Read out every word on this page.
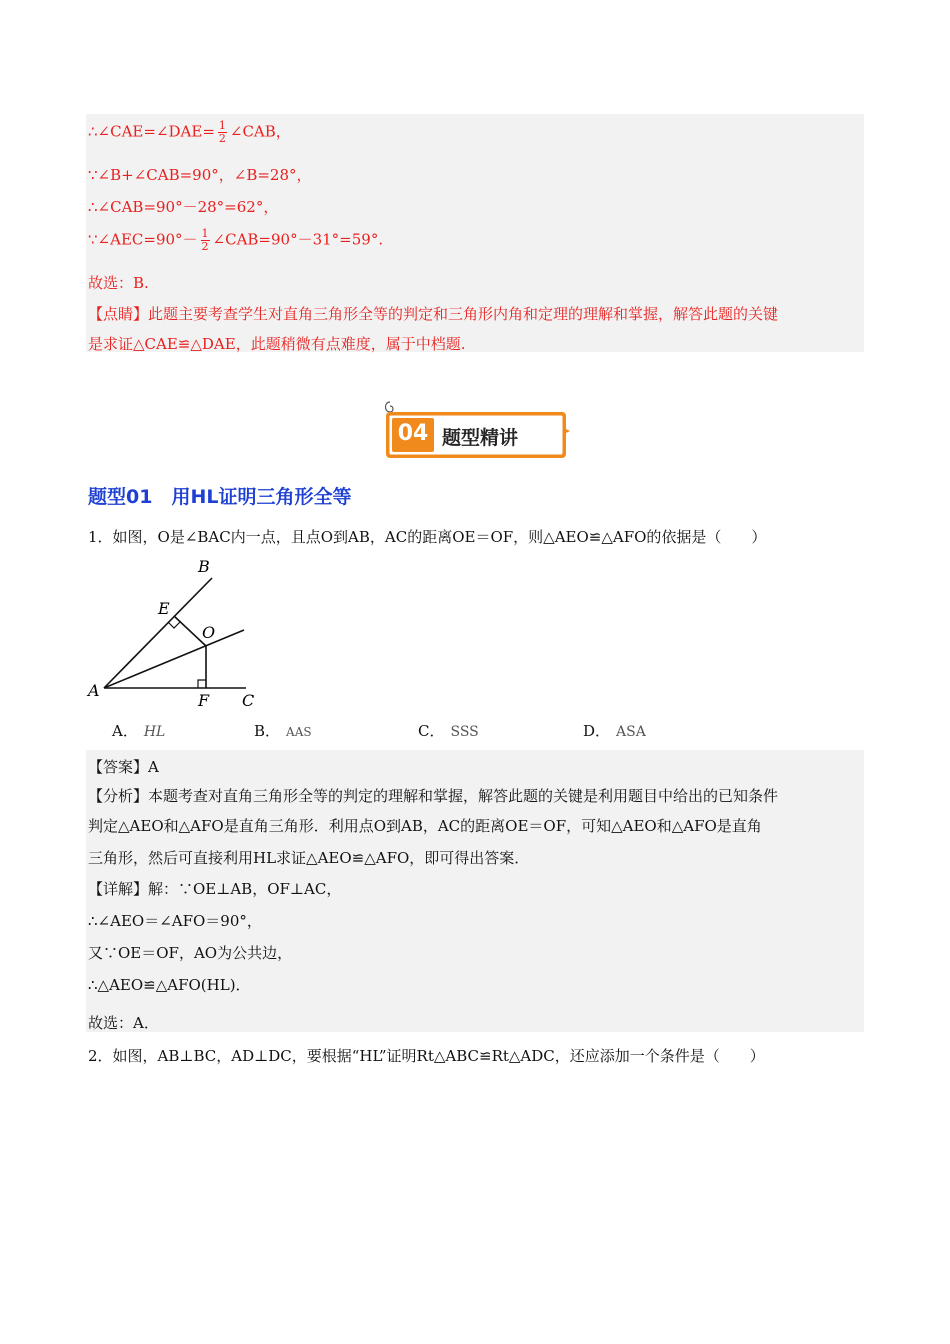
∴∠CAE=∠DAE= $\frac{1}{2}$ ∠CAB，
∵∠B+∠CAB=90°，∠B=28°，
∴∠CAB=90°－28°=62°，
∵∠AEC=90°－ $\frac{1}{2}$ ∠CAB=90°－31°=59°.
故选：B.
【点睛】此题主要考查学生对直角三角形全等的判定和三角形内角和定理的理解和掌握，解答此题的关键
是求证△CAE≌△DAE，此题稍微有点难度，属于中档题.
04 题型精讲
题型01　用HL证明三角形全等
1．如图，O是∠BAC内一点，且点O到AB，AC的距离OE＝OF，则△AEO≌△AFO的依据是（　　）
B
E
O
A
F C
A． HL	B． AAS	C． SSS	D． ASA
【答案】A
【分析】本题考查对直角三角形全等的判定的理解和掌握，解答此题的关键是利用题目中给出的已知条件
判定△AEO和△AFO是直角三角形．利用点O到AB，AC的距离OE＝OF，可知△AEO和△AFO是直角
三角形，然后可直接利用HL求证△AEO≌△AFO，即可得出答案．
【详解】解：∵OE⊥AB，OF⊥AC，
∴∠AEO＝∠AFO＝90°，
又∵OE＝OF，AO为公共边，
∴△AEO≌△AFO(HL)．
故选：A．
2．如图，AB⊥BC，AD⊥DC，要根据“HL”证明Rt△ABC≌Rt△ADC，还应添加一个条件是（　　）
